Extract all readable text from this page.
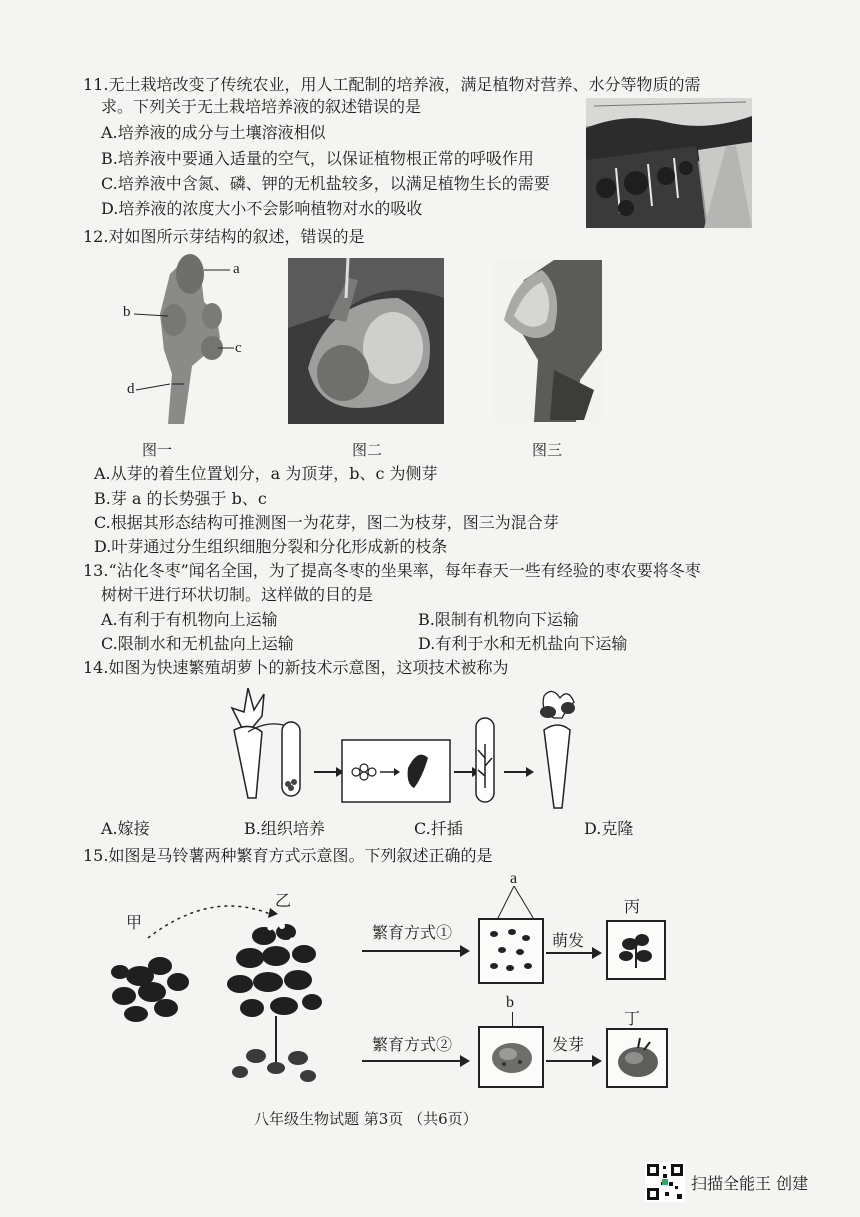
11.无土栽培改变了传统农业，用人工配制的培养液，满足植物对营养、水分等物质的需
求。下列关于无土栽培培养液的叙述错误的是
A.培养液的成分与土壤溶液相似
B.培养液中要通入适量的空气，以保证植物根正常的呼吸作用
C.培养液中含氮、磷、钾的无机盐较多，以满足植物生长的需要
D.培养液的浓度大小不会影响植物对水的吸收
12.对如图所示芽结构的叙述，错误的是
a
b
c
d
图一	图二	图三
A.从芽的着生位置划分，a 为顶芽，b、c 为侧芽
B.芽 a 的长势强于 b、c
C.根据其形态结构可推测图一为花芽，图二为枝芽，图三为混合芽
D.叶芽通过分生组织细胞分裂和分化形成新的枝条
13.“沾化冬枣”闻名全国，为了提高冬枣的坐果率，每年春天一些有经验的枣农要将冬枣
树树干进行环状切制。这样做的目的是
A.有利于有机物向上运输	B.限制有机物向下运输
C.限制水和无机盐向上运输	D.有利于水和无机盐向下运输
14.如图为快速繁殖胡萝卜的新技术示意图，这项技术被称为
A.嫁接	B.组织培养	C.扦插	D.克隆
15.如图是马铃薯两种繁育方式示意图。下列叙述正确的是
甲
乙
繁育方式①
a
萌发
丙
繁育方式②
b
发芽
丁
八年级生物试题 第3页 （共6页）
扫描全能王 创建
